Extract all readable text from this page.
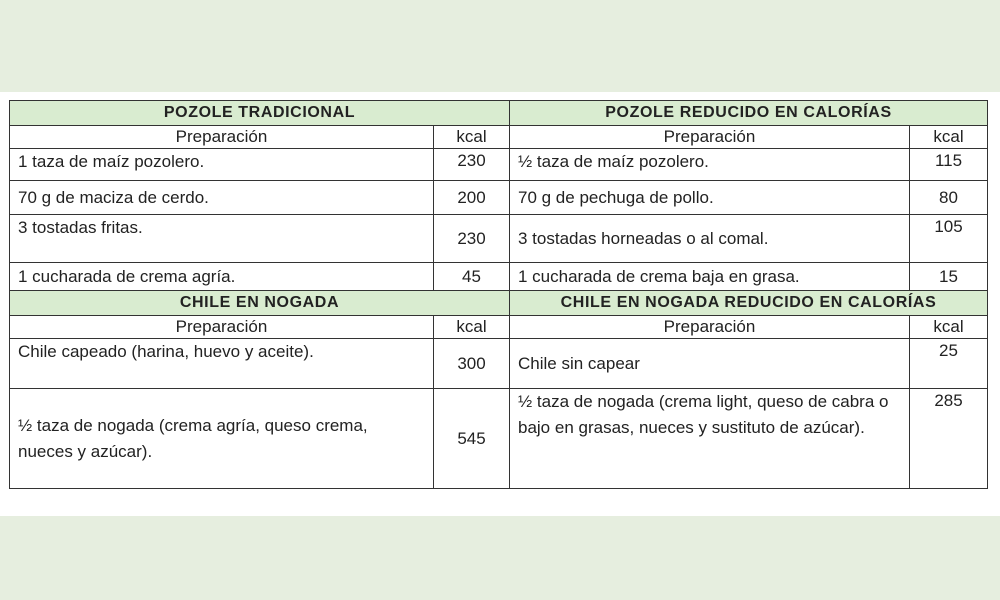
POZOLE TRADICIONAL		POZOLE REDUCIDO EN CALORÍAS	
Preparación	kcal	Preparación	kcal
1 taza de maíz pozolero.	230	½ taza de maíz pozolero.	115
70 g de maciza de cerdo.	200	70 g de pechuga de pollo.	80
3 tostadas fritas.	230	3 tostadas horneadas o al comal.	105
1 cucharada de crema agría.	45	1 cucharada de crema baja en grasa.	15
CHILE EN NOGADA		CHILE EN NOGADA REDUCIDO EN CALORÍAS	
Preparación	kcal	Preparación	kcal
Chile capeado (harina, huevo y aceite).	300	Chile sin capear	25
½ taza de nogada (crema agría, queso crema, nueces y azúcar).	545	½ taza de nogada (crema light, queso de cabra o bajo en grasas, nueces y sustituto de azúcar).	285
